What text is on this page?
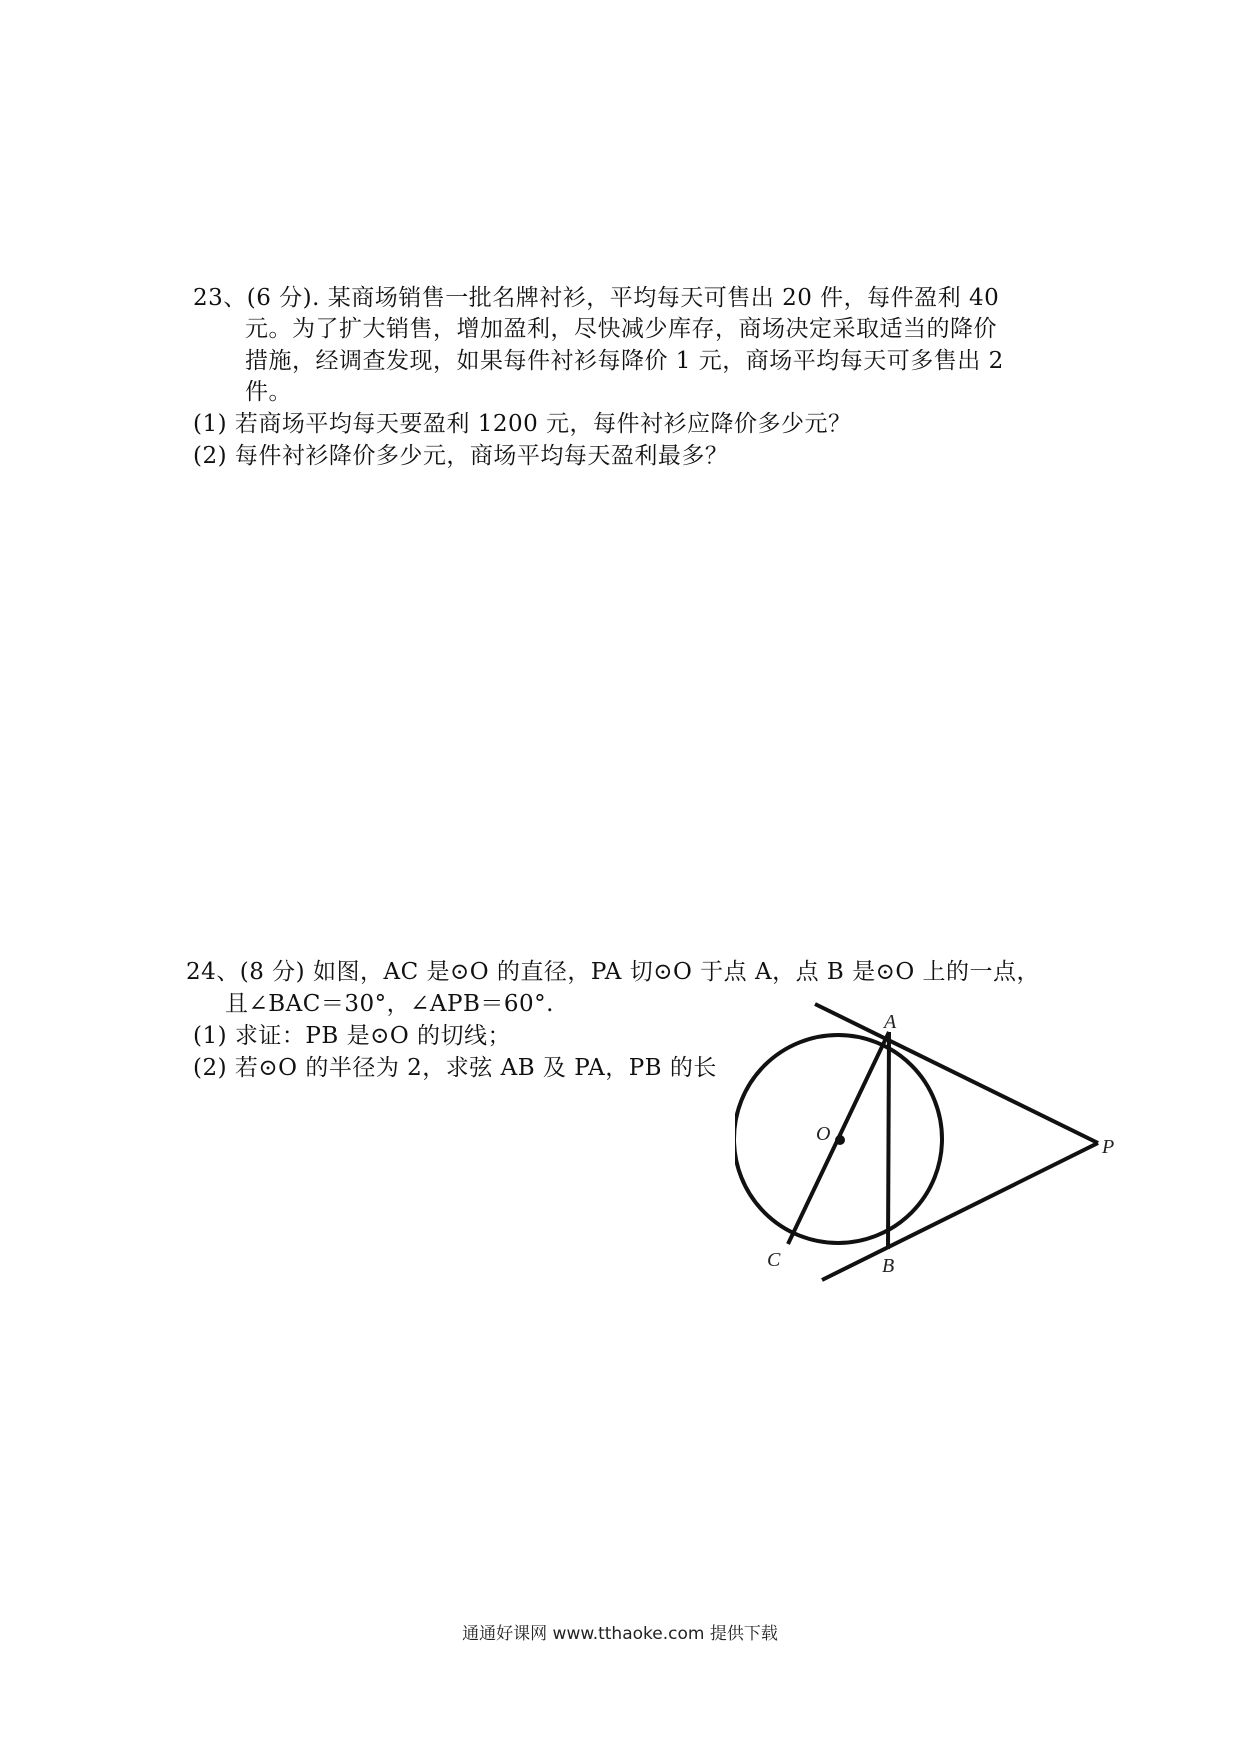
23、(6 分). 某商场销售一批名牌衬衫，平均每天可售出 20 件，每件盈利 40
元。为了扩大销售，增加盈利，尽快减少库存，商场决定采取适当的降价
措施，经调查发现，如果每件衬衫每降价 1 元，商场平均每天可多售出 2
件。
(1) 若商场平均每天要盈利 1200 元，每件衬衫应降价多少元？
(2) 每件衬衫降价多少元，商场平均每天盈利最多？
24、(8 分) 如图，AC 是⊙O 的直径，PA 切⊙O 于点 A，点 B 是⊙O 上的一点，
且∠BAC＝30°，∠APB＝60°.
(1) 求证：PB 是⊙O 的切线；
(2) 若⊙O 的半径为 2，求弦 AB 及 PA，PB 的长
A
O
P
C	B
通通好课网 www.tthaoke.com 提供下载
